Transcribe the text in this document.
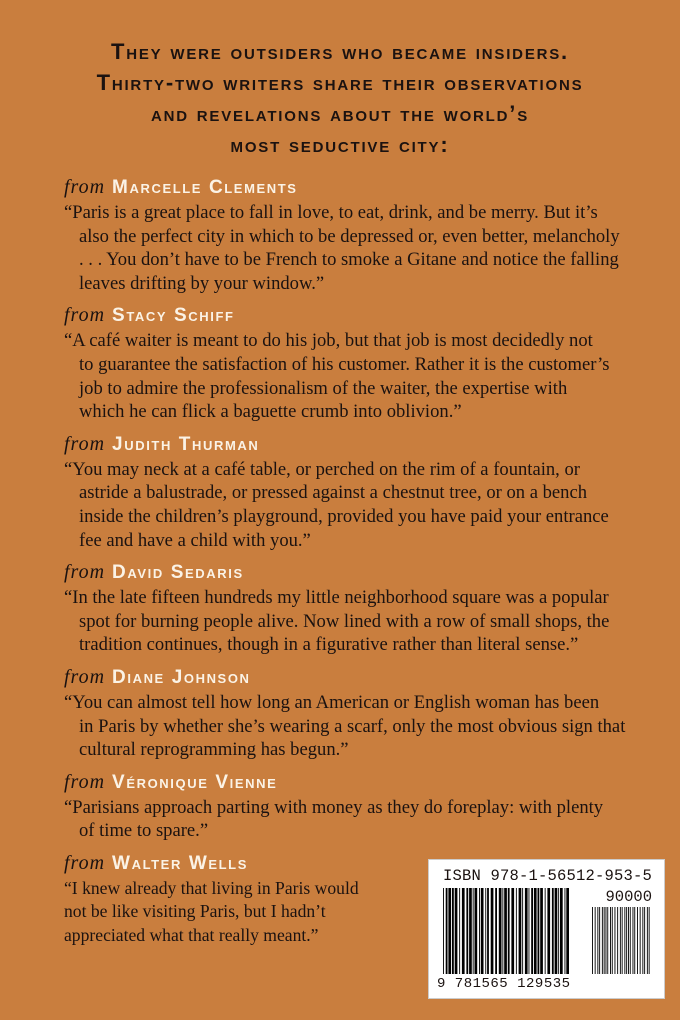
They were outsiders who became insiders.
Thirty-two writers share their observations
and revelations about the world’s
most seductive city:
from Marcelle Clements
“Paris is a great place to fall in love, to eat, drink, and be merry. But it’s
also the perfect city in which to be depressed or, even better, melancholy
. . . You don’t have to be French to smoke a Gitane and notice the falling
leaves drifting by your window.”
from Stacy Schiff
“A café waiter is meant to do his job, but that job is most decidedly not
to guarantee the satisfaction of his customer. Rather it is the customer’s
job to admire the professionalism of the waiter, the expertise with
which he can flick a baguette crumb into oblivion.”
from Judith Thurman
“You may neck at a café table, or perched on the rim of a fountain, or
astride a balustrade, or pressed against a chestnut tree, or on a bench
inside the children’s playground, provided you have paid your entrance
fee and have a child with you.”
from David Sedaris
“In the late fifteen hundreds my little neighborhood square was a popular
spot for burning people alive. Now lined with a row of small shops, the
tradition continues, though in a figurative rather than literal sense.”
from Diane Johnson
“You can almost tell how long an American or English woman has been
in Paris by whether she’s wearing a scarf, only the most obvious sign that
cultural reprogramming has begun.”
from Véronique Vienne
“Parisians approach parting with money as they do foreplay: with plenty
of time to spare.”
from Walter Wells
“I knew already that living in Paris would
not be like visiting Paris, but I hadn’t
appreciated what that really meant.”
ISBN 978-1-56512-953-5
90000
9 781565 129535
